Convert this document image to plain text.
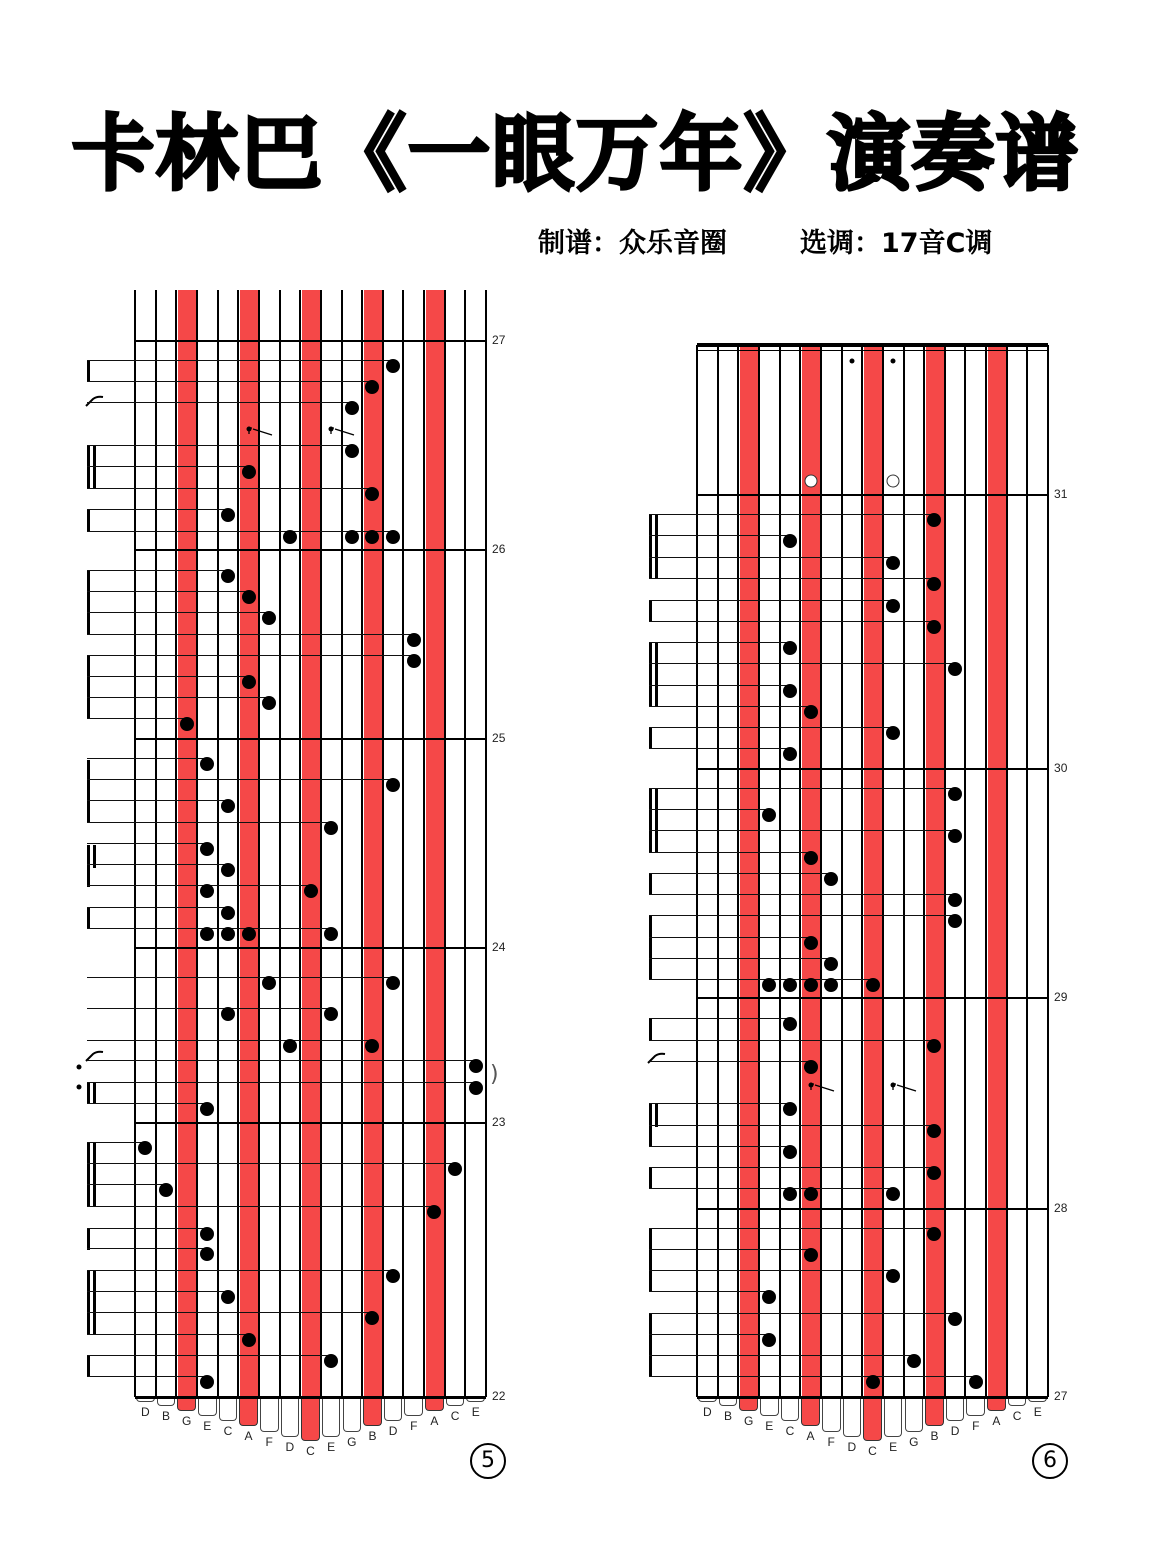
卡林巴《一眼万年》演奏谱
制谱：众乐音圈	选调：17音C调
27
26
25
24
23
22
)
D B G E C A F D C E G B D F A C E
5
31
30
29
28
27
D B G E C A F D C E G B D F A C E
6
